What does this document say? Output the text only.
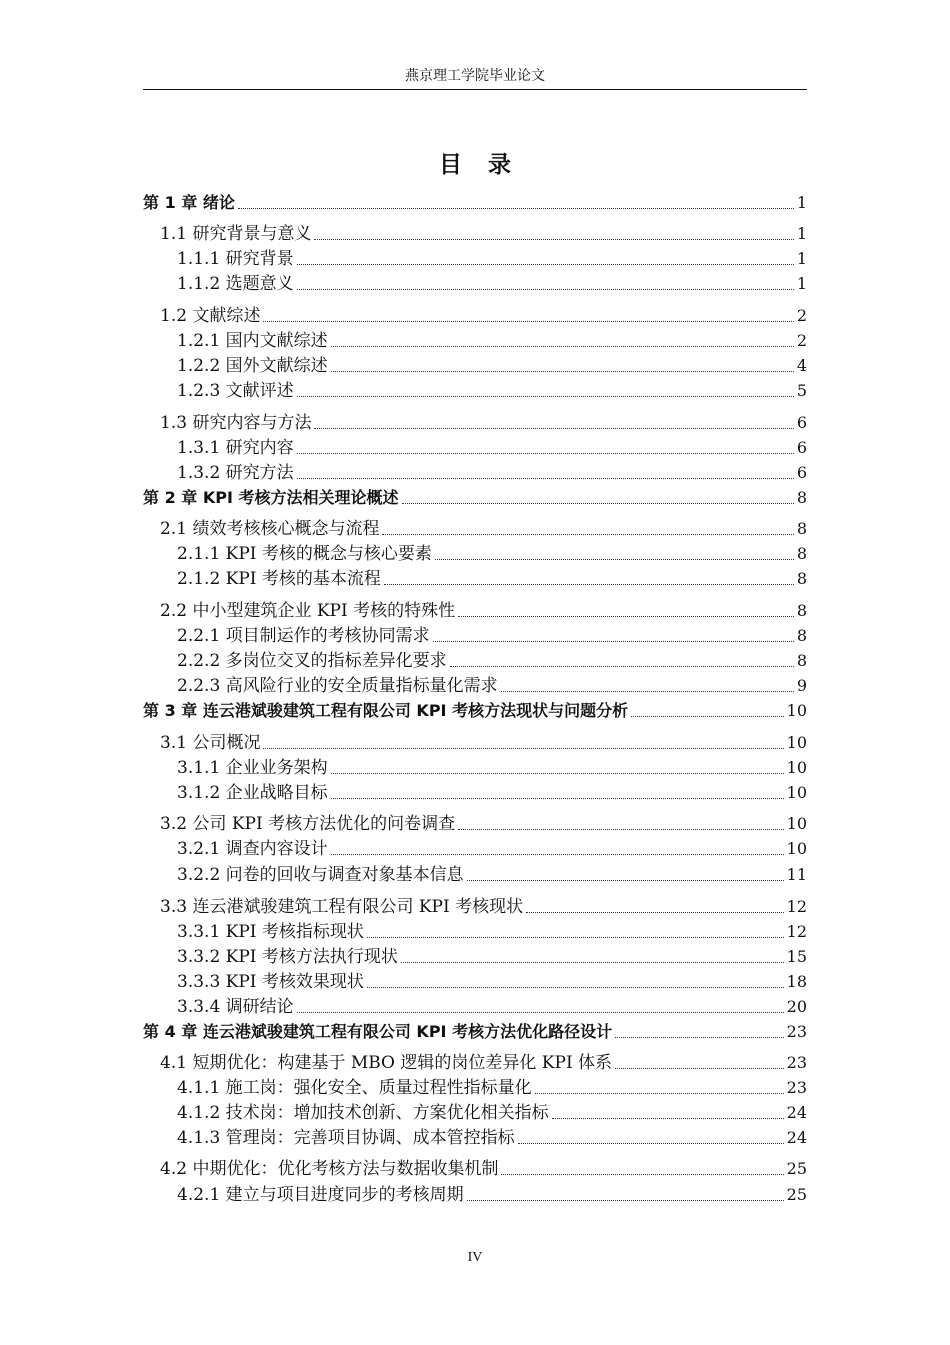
燕京理工学院毕业论文
目录
第 1 章 绪论	1
1.1 研究背景与意义	1
1.1.1 研究背景	1
1.1.2 选题意义	1
1.2 文献综述	2
1.2.1 国内文献综述	2
1.2.2 国外文献综述	4
1.2.3 文献评述	5
1.3 研究内容与方法	6
1.3.1 研究内容	6
1.3.2 研究方法	6
第 2 章 KPI 考核方法相关理论概述	8
2.1 绩效考核核心概念与流程	8
2.1.1 KPI 考核的概念与核心要素	8
2.1.2 KPI 考核的基本流程	8
2.2 中小型建筑企业 KPI 考核的特殊性	8
2.2.1 项目制运作的考核协同需求	8
2.2.2 多岗位交叉的指标差异化要求	8
2.2.3 高风险行业的安全质量指标量化需求	9
第 3 章 连云港斌骏建筑工程有限公司 KPI 考核方法现状与问题分析	10
3.1 公司概况	10
3.1.1 企业业务架构	10
3.1.2 企业战略目标	10
3.2 公司 KPI 考核方法优化的问卷调查	10
3.2.1 调查内容设计	10
3.2.2 问卷的回收与调查对象基本信息	11
3.3 连云港斌骏建筑工程有限公司 KPI 考核现状	12
3.3.1 KPI 考核指标现状	12
3.3.2 KPI 考核方法执行现状	15
3.3.3 KPI 考核效果现状	18
3.3.4 调研结论	20
第 4 章 连云港斌骏建筑工程有限公司 KPI 考核方法优化路径设计	23
4.1 短期优化：构建基于 MBO 逻辑的岗位差异化 KPI 体系	23
4.1.1 施工岗：强化安全、质量过程性指标量化	23
4.1.2 技术岗：增加技术创新、方案优化相关指标	24
4.1.3 管理岗：完善项目协调、成本管控指标	24
4.2 中期优化：优化考核方法与数据收集机制	25
4.2.1 建立与项目进度同步的考核周期	25
IV
